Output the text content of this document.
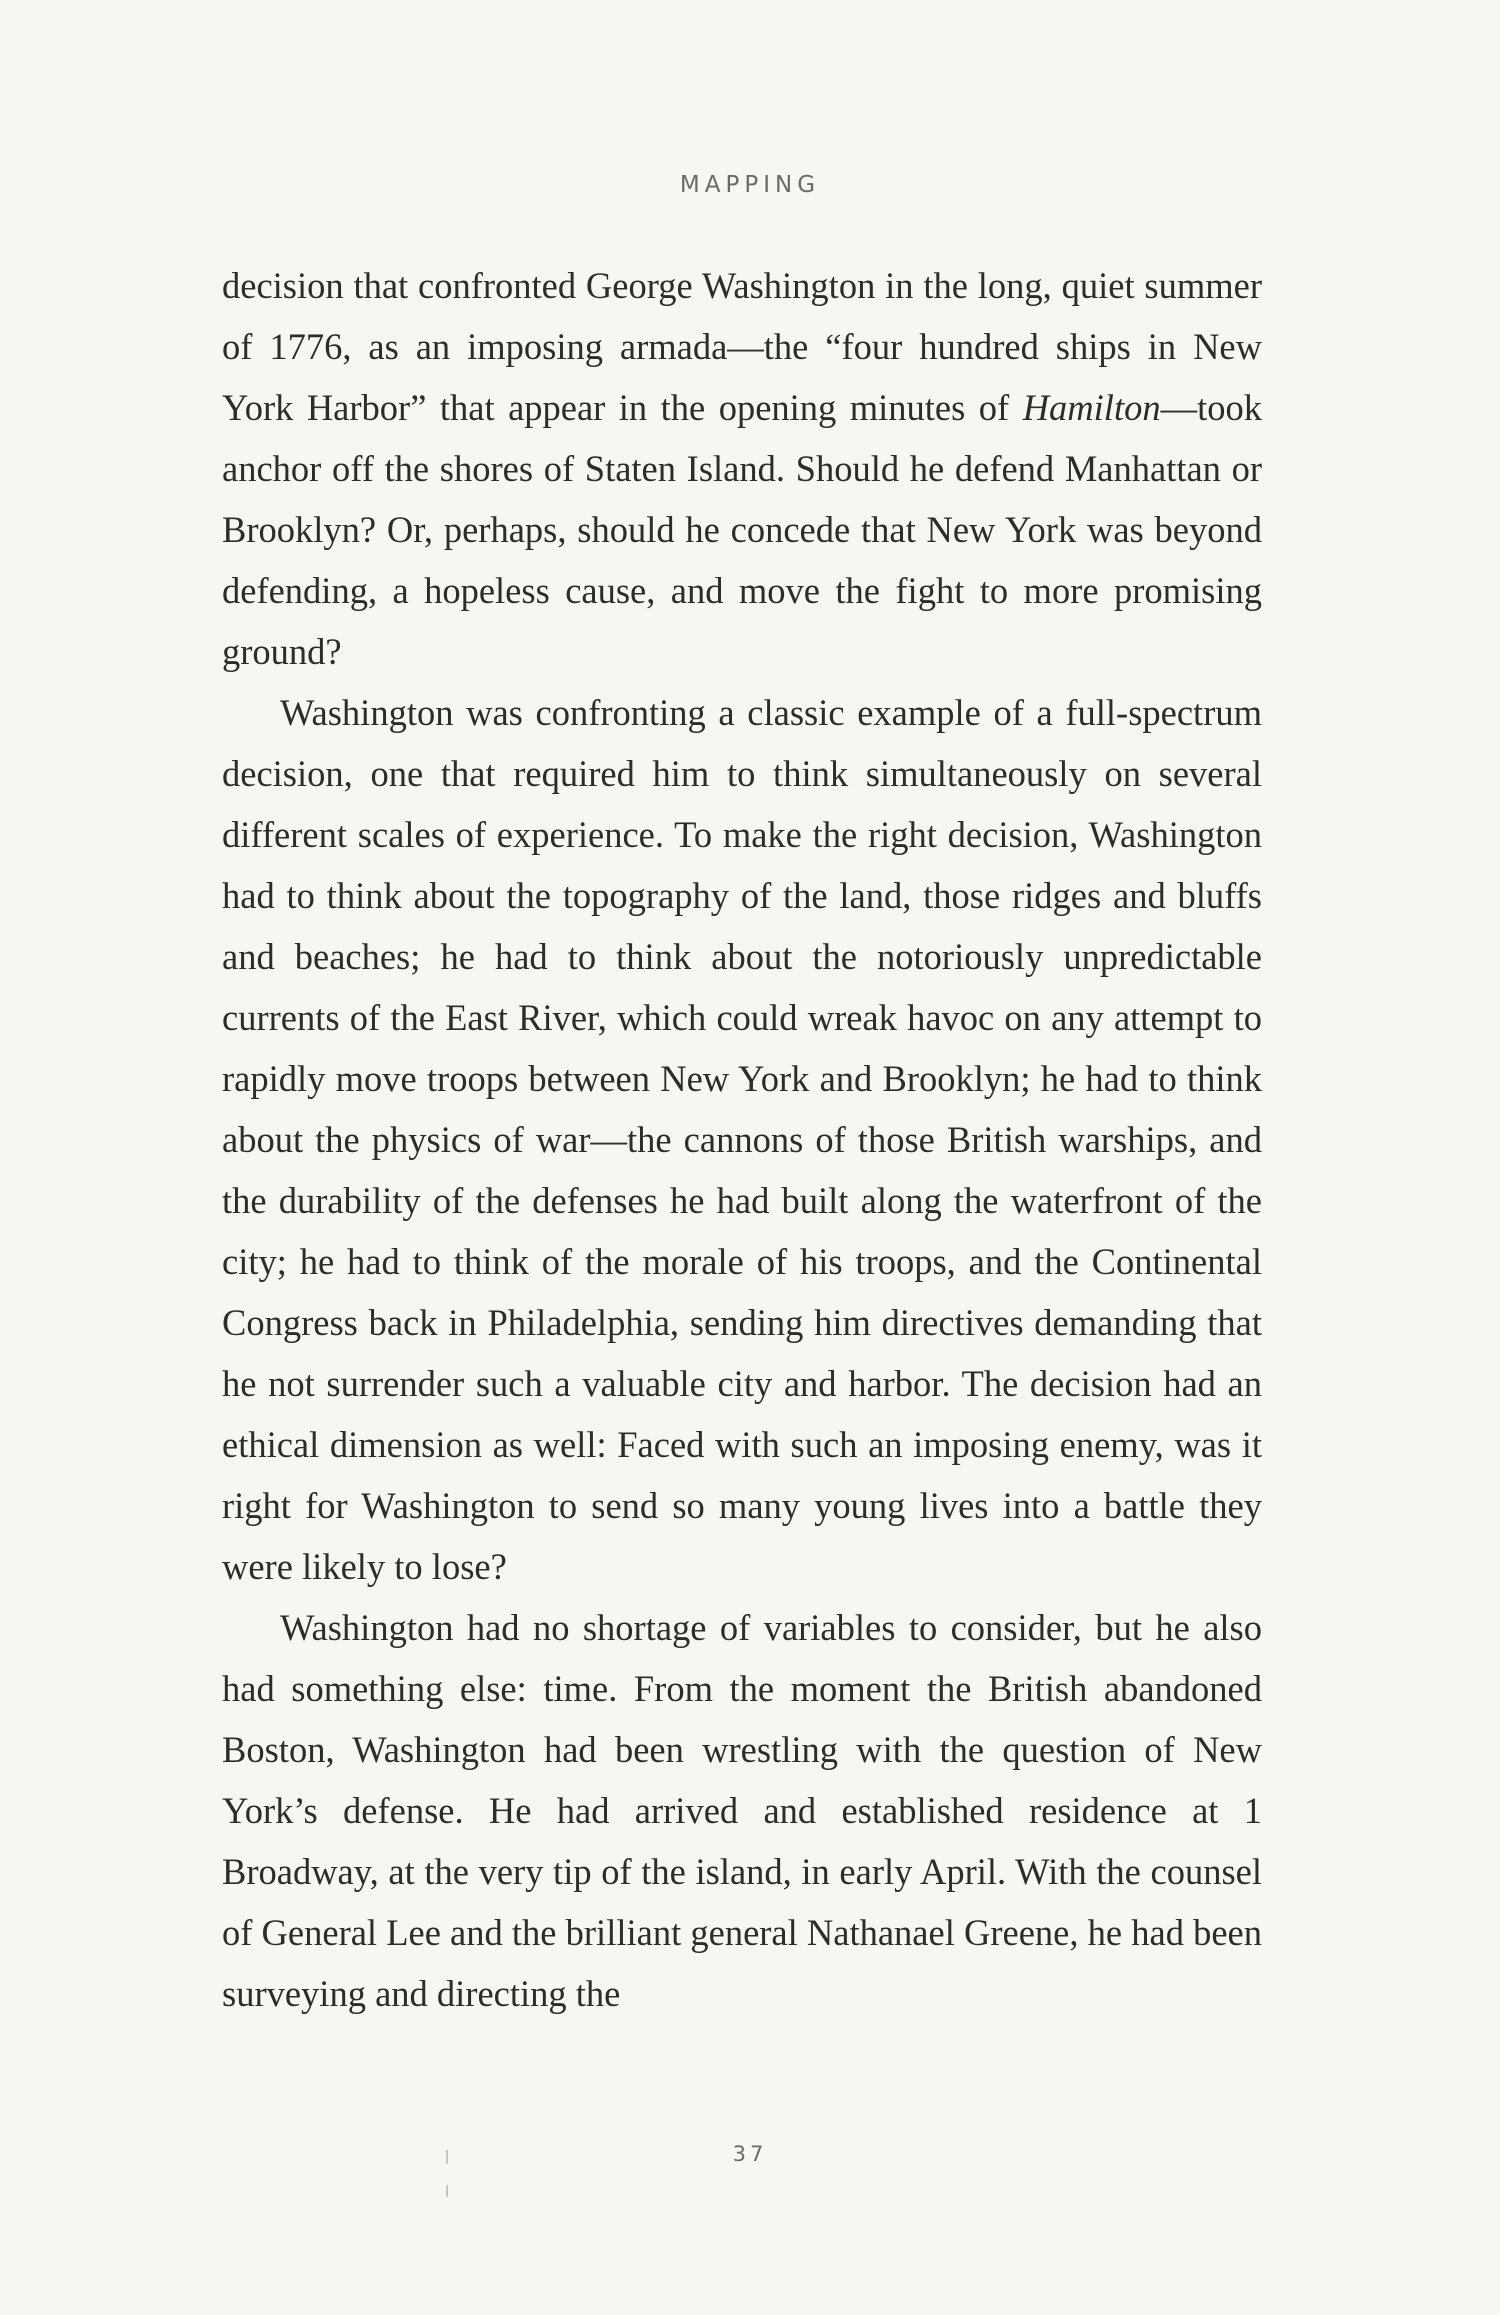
MAPPING

decision that confronted George Washington in the long, quiet summer of 1776, as an imposing armada—the “four hundred ships in New York Harbor” that appear in the opening minutes of Hamilton—took anchor off the shores of Staten Island. Should he defend Manhattan or Brooklyn? Or, perhaps, should he concede that New York was beyond defending, a hopeless cause, and move the fight to more promising ground?

Washington was confronting a classic example of a full-spectrum decision, one that required him to think simultaneously on several different scales of experience. To make the right decision, Washington had to think about the topography of the land, those ridges and bluffs and beaches; he had to think about the notoriously unpredictable currents of the East River, which could wreak havoc on any attempt to rapidly move troops between New York and Brooklyn; he had to think about the physics of war—the cannons of those British warships, and the durability of the defenses he had built along the waterfront of the city; he had to think of the morale of his troops, and the Continental Congress back in Philadelphia, sending him directives demanding that he not surrender such a valuable city and harbor. The decision had an ethical dimension as well: Faced with such an imposing enemy, was it right for Washington to send so many young lives into a battle they were likely to lose?

Washington had no shortage of variables to consider, but he also had something else: time. From the moment the British abandoned Boston, Washington had been wrestling with the question of New York’s defense. He had arrived and established residence at 1 Broadway, at the very tip of the island, in early April. With the counsel of General Lee and the brilliant general Nathanael Greene, he had been surveying and directing the

37
